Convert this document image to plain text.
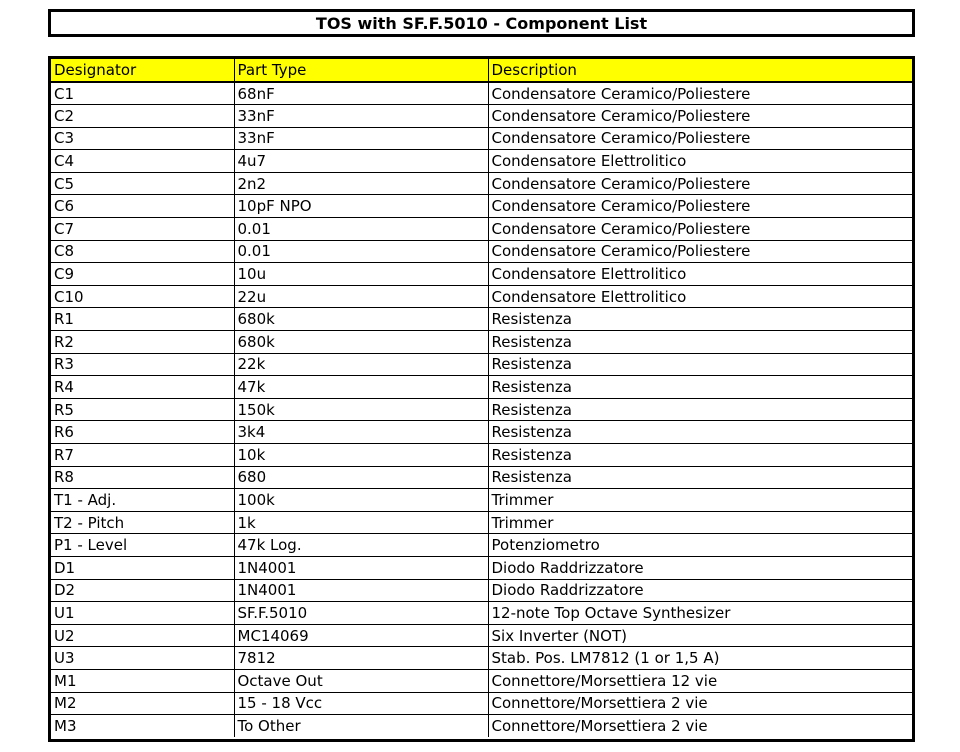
TOS with SF.F.5010 - Component List
Designator	Part Type	Description
C1	68nF	Condensatore Ceramico/Poliestere
C2	33nF	Condensatore Ceramico/Poliestere
C3	33nF	Condensatore Ceramico/Poliestere
C4	4u7	Condensatore Elettrolitico
C5	2n2	Condensatore Ceramico/Poliestere
C6	10pF NPO	Condensatore Ceramico/Poliestere
C7	0.01	Condensatore Ceramico/Poliestere
C8	0.01	Condensatore Ceramico/Poliestere
C9	10u	Condensatore Elettrolitico
C10	22u	Condensatore Elettrolitico
R1	680k	Resistenza
R2	680k	Resistenza
R3	22k	Resistenza
R4	47k	Resistenza
R5	150k	Resistenza
R6	3k4	Resistenza
R7	10k	Resistenza
R8	680	Resistenza
T1 - Adj.	100k	Trimmer
T2 - Pitch	1k	Trimmer
P1 - Level	47k Log.	Potenziometro
D1	1N4001	Diodo Raddrizzatore
D2	1N4001	Diodo Raddrizzatore
U1	SF.F.5010	12-note Top Octave Synthesizer
U2	MC14069	Six Inverter (NOT)
U3	7812	Stab. Pos. LM7812 (1 or 1,5 A)
M1	Octave Out	Connettore/Morsettiera 12 vie
M2	15 - 18 Vcc	Connettore/Morsettiera 2 vie
M3	To Other	Connettore/Morsettiera 2 vie
